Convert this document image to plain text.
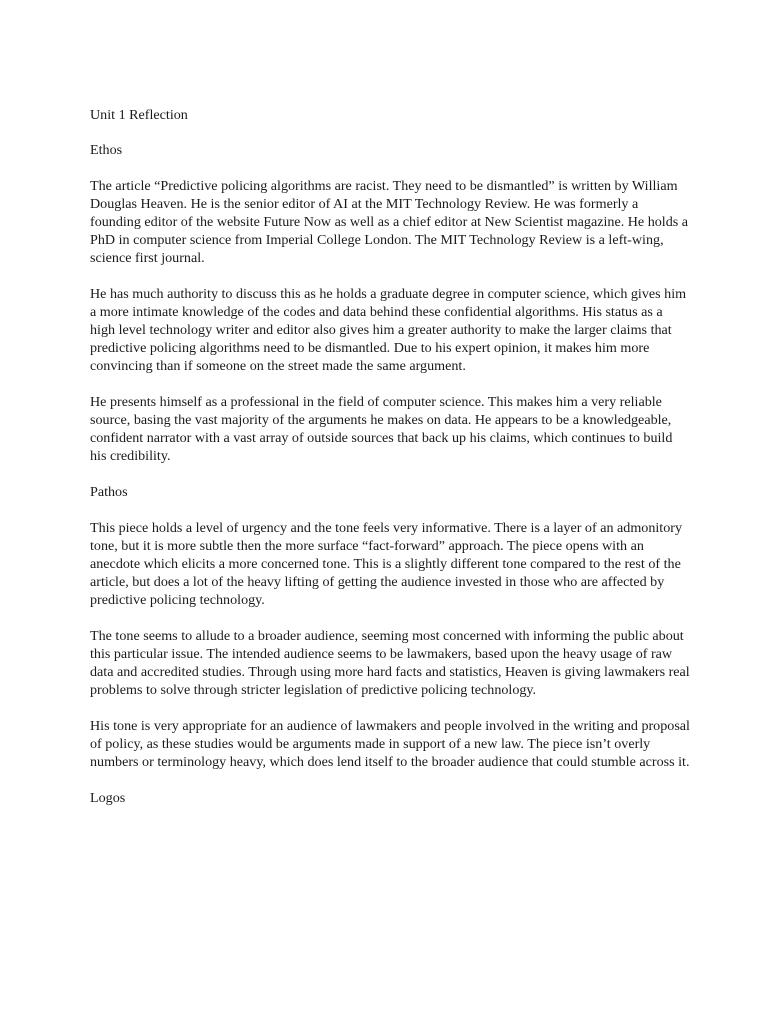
Unit 1 Reflection

Ethos

The article “Predictive policing algorithms are racist. They need to be dismantled” is written by William Douglas Heaven. He is the senior editor of AI at the MIT Technology Review. He was formerly a founding editor of the website Future Now as well as a chief editor at New Scientist magazine. He holds a PhD in computer science from Imperial College London. The MIT Technology Review is a left-wing, science first journal.

He has much authority to discuss this as he holds a graduate degree in computer science, which gives him a more intimate knowledge of the codes and data behind these confidential algorithms. His status as a high level technology writer and editor also gives him a greater authority to make the larger claims that predictive policing algorithms need to be dismantled. Due to his expert opinion, it makes him more convincing than if someone on the street made the same argument.

He presents himself as a professional in the field of computer science. This makes him a very reliable source, basing the vast majority of the arguments he makes on data. He appears to be a knowledgeable, confident narrator with a vast array of outside sources that back up his claims, which continues to build his credibility.

Pathos

This piece holds a level of urgency and the tone feels very informative. There is a layer of an admonitory tone, but it is more subtle then the more surface “fact-forward” approach. The piece opens with an anecdote which elicits a more concerned tone. This is a slightly different tone compared to the rest of the article, but does a lot of the heavy lifting of getting the audience invested in those who are affected by predictive policing technology.

The tone seems to allude to a broader audience, seeming most concerned with informing the public about this particular issue. The intended audience seems to be lawmakers, based upon the heavy usage of raw data and accredited studies. Through using more hard facts and statistics, Heaven is giving lawmakers real problems to solve through stricter legislation of predictive policing technology.

His tone is very appropriate for an audience of lawmakers and people involved in the writing and proposal of policy, as these studies would be arguments made in support of a new law. The piece isn’t overly numbers or terminology heavy, which does lend itself to the broader audience that could stumble across it.

Logos
